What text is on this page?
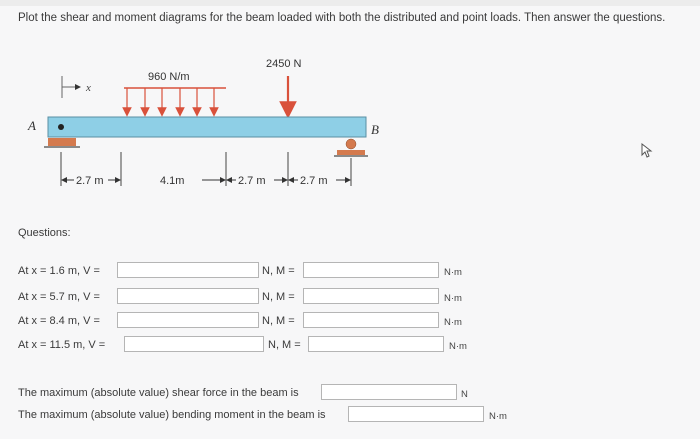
Plot the shear and moment diagrams for the beam loaded with both the distributed and point loads. Then answer the questions.
x
960 N/m
2450 N
A	B
2.7 m	4.1m	2.7 m	2.7 m
Questions:
At x = 1.6 m, V =	N, M =	N·m
At x = 5.7 m, V =	N, M =	N·m
At x = 8.4 m, V =	N, M =	N·m
At x = 11.5 m, V =	N, M =	N·m
The maximum (absolute value) shear force in the beam is	N
The maximum (absolute value) bending moment in the beam is	N·m
